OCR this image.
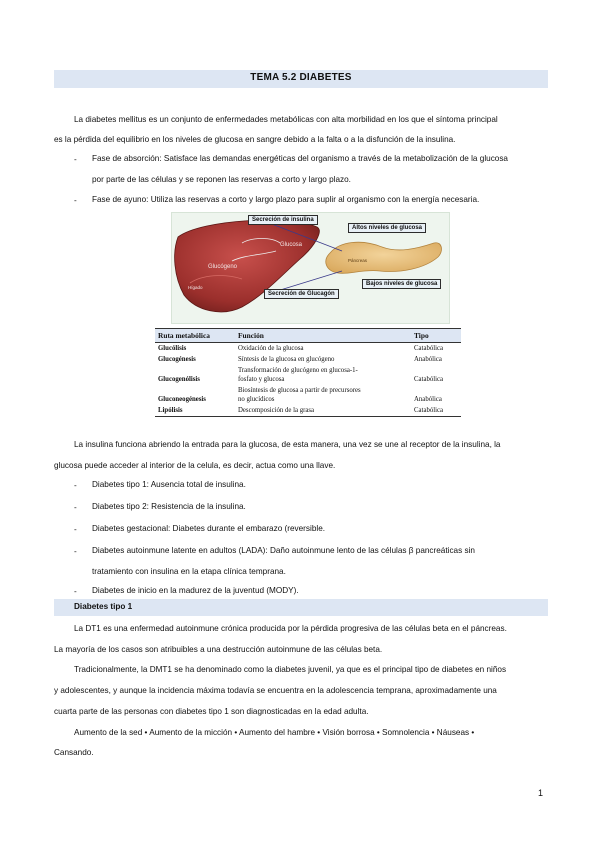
TEMA 5.2 DIABETES
La diabetes mellitus es un conjunto de enfermedades metabólicas con alta morbilidad en los que el síntoma principal
es la pérdida del equilibrio en los niveles de glucosa en sangre debido a la falta o a la disfunción de la insulina.
- Fase de absorción: Satisface las demandas energéticas del organismo a través de la metabolización de la glucosa
por parte de las células y se reponen las reservas a corto y largo plazo.
- Fase de ayuno: Utiliza las reservas a corto y largo plazo para suplir al organismo con la energía necesaria.
Glucosa
Glucógeno
Hígado
Páncreas
Secreción de insulina
Altos niveles de glucosa
Bajos niveles de glucosa
Secreción de Glucagón
Ruta metabólica	Función	Tipo
Glucólisis	Oxidación de la glucosa	Catabólica
Glucogénesis	Síntesis de la glucosa en glucógeno	Anabólica
Glucogenólisis	Transformación de glucógeno en glucosa-1-
fosfato y glucosa	Catabólica
Gluconeogénesis	Biosíntesis de glucosa a partir de precursores
no glucídicos	Anabólica
Lipólisis	Descomposición de la grasa	Catabólica
La insulina funciona abriendo la entrada para la glucosa, de esta manera, una vez se une al receptor de la insulina, la
glucosa puede acceder al interior de la celula, es decir, actua como una llave.
- Diabetes tipo 1: Ausencia total de insulina.
- Diabetes tipo 2: Resistencia de la insulina.
- Diabetes gestacional: Diabetes durante el embarazo (reversible.
- Diabetes autoinmune latente en adultos (LADA): Daño autoinmune lento de las células β pancreáticas sin
tratamiento con insulina en la etapa clínica temprana.
- Diabetes de inicio en la madurez de la juventud (MODY).
Diabetes tipo 1
La DT1 es una enfermedad autoinmune crónica producida por la pérdida progresiva de las células beta en el páncreas.
La mayoría de los casos son atribuibles a una destrucción autoinmune de las células beta.
Tradicionalmente, la DMT1 se ha denominado como la diabetes juvenil, ya que es el principal tipo de diabetes en niños
y adolescentes, y aunque la incidencia máxima todavía se encuentra en la adolescencia temprana, aproximadamente una
cuarta parte de las personas con diabetes tipo 1 son diagnosticadas en la edad adulta.
Aumento de la sed • Aumento de la micción • Aumento del hambre • Visión borrosa • Somnolencia • Náuseas •
Cansando.
1
